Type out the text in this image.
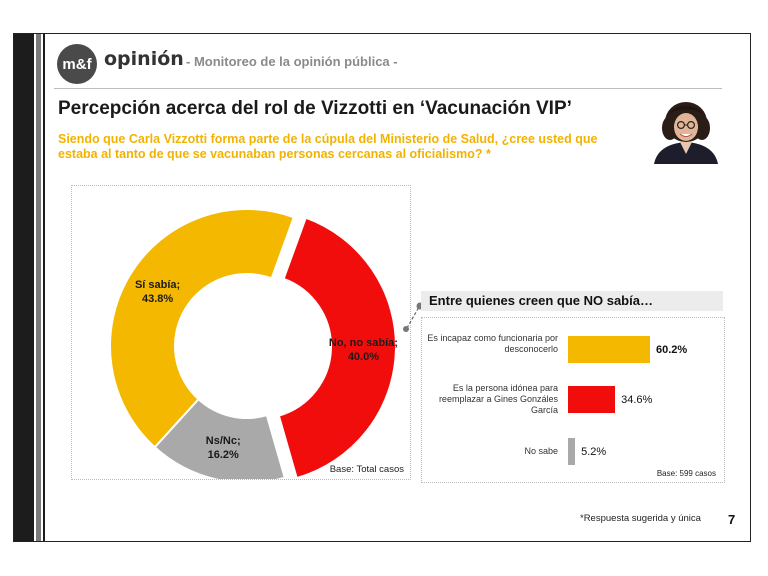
m&f opinión - Monitoreo de la opinión pública -
Percepción acerca del rol de Vizzotti en ‘Vacunación VIP’
Siendo que Carla Vizzotti forma parte de la cúpula del Ministerio de Salud, ¿cree usted que estaba al tanto de que se vacunaban personas cercanas al oficialismo? *
Sí sabía;
43.8%
No, no sabía;
40.0%
Ns/Nc;
16.2%
Base: Total casos
Entre quienes creen que NO sabía…
Es incapaz como funcionaria por desconocerlo	60.2%
Es la persona idónea para reemplazar a Gines Gonzáles García
34.6%
No sabe 5.2%
Base: 599 casos
*Respuesta sugerida y única 7
